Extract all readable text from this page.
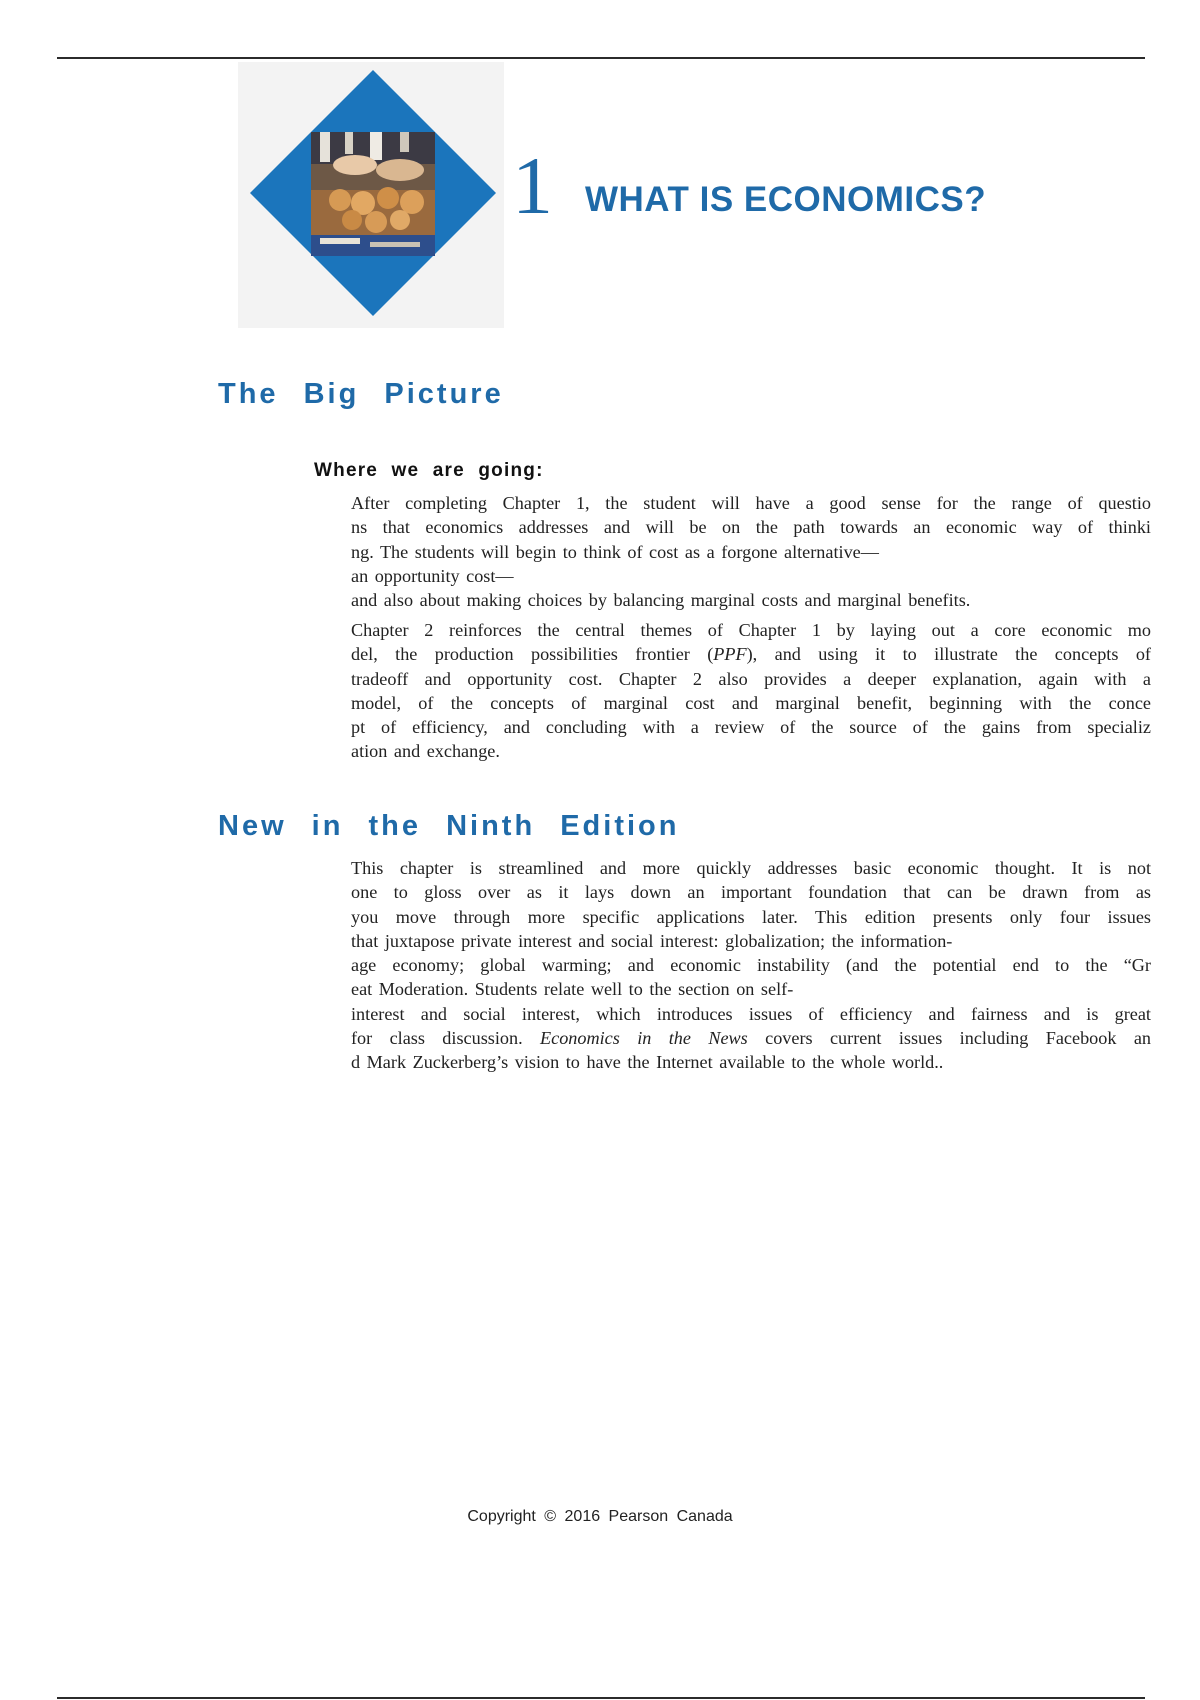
1 WHAT IS ECONOMICS?
The Big Picture
Where we are going:
After completing Chapter 1, the student will have a good sense for the range of questio
ns that economics addresses and will be on the path towards an economic way of thinki
ng. The students will begin to think of cost as a forgone alternative—
an opportunity cost—
and also about making choices by balancing marginal costs and marginal benefits.
Chapter 2 reinforces the central themes of Chapter 1 by laying out a core economic mo
del, the production possibilities frontier (PPF), and using it to illustrate the concepts of
tradeoff and opportunity cost. Chapter 2 also provides a deeper explanation, again with a
model, of the concepts of marginal cost and marginal benefit, beginning with the conce
pt of efficiency, and concluding with a review of the source of the gains from specializ
ation and exchange.
New in the Ninth Edition
This chapter is streamlined and more quickly addresses basic economic thought. It is not
one to gloss over as it lays down an important foundation that can be drawn from as
you move through more specific applications later. This edition presents only four issues
that juxtapose private interest and social interest: globalization; the information-
age economy; global warming; and economic instability (and the potential end to the “Gr
eat Moderation. Students relate well to the section on self-
interest and social interest, which introduces issues of efficiency and fairness and is great
for class discussion. Economics in the News covers current issues including Facebook an
d Mark Zuckerberg’s vision to have the Internet available to the whole world..
Copyright © 2016 Pearson Canada
